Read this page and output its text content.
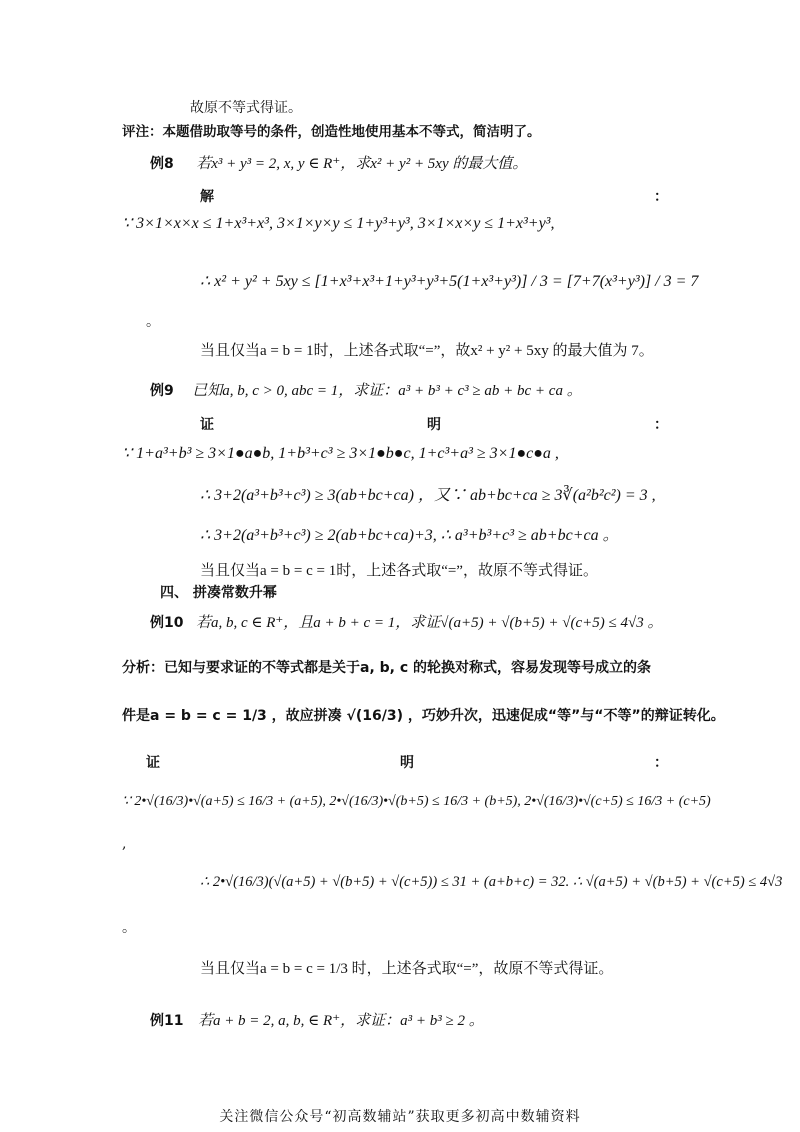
故原不等式得证。
评注：本题借助取等号的条件，创造性地使用基本不等式，简洁明了。
例8 若x³ + y³ = 2, x, y ∈ R⁺，求x² + y² + 5xy 的最大值。
解	：
∵ 3×1×x×x ≤ 1+x³+x³, 3×1×y×y ≤ 1+y³+y³, 3×1×x×y ≤ 1+x³+y³,
∴ x² + y² + 5xy ≤ [1+x³+x³+1+y³+y³+5(1+x³+y³)] / 3 = [7+7(x³+y³)] / 3 = 7
。
当且仅当a = b = 1时，上述各式取“=”，故x² + y² + 5xy 的最大值为 7。
例9 已知a, b, c > 0, abc = 1，求证：a³ + b³ + c³ ≥ ab + bc + ca 。
证	明	：
∵ 1+a³+b³ ≥ 3×1●a●b, 1+b³+c³ ≥ 3×1●b●c, 1+c³+a³ ≥ 3×1●c●a ,
∴ 3+2(a³+b³+c³) ≥ 3(ab+bc+ca) ，又∵ ab+bc+ca ≥ 3∛(a²b²c²) = 3 ,
∴ 3+2(a³+b³+c³) ≥ 2(ab+bc+ca)+3, ∴ a³+b³+c³ ≥ ab+bc+ca 。
当且仅当a = b = c = 1时，上述各式取“=”，故原不等式得证。
四、 拼凑常数升幂
例10 若a, b, c ∈ R⁺，且a + b + c = 1，求证√(a+5) + √(b+5) + √(c+5) ≤ 4√3 。
分析：已知与要求证的不等式都是关于a, b, c 的轮换对称式，容易发现等号成立的条
件是a = b = c = 1/3 ，故应拼凑 √(16/3) ，巧妙升次，迅速促成“等”与“不等”的辩证转化。
证	明	：
∵ 2•√(16/3)•√(a+5) ≤ 16/3 + (a+5), 2•√(16/3)•√(b+5) ≤ 16/3 + (b+5), 2•√(16/3)•√(c+5) ≤ 16/3 + (c+5)
,
∴ 2•√(16/3)(√(a+5) + √(b+5) + √(c+5)) ≤ 31 + (a+b+c) = 32. ∴ √(a+5) + √(b+5) + √(c+5) ≤ 4√3
。
当且仅当a = b = c = 1/3 时，上述各式取“=”，故原不等式得证。
例11 若a + b = 2, a, b, ∈ R⁺，求证：a³ + b³ ≥ 2 。
关注微信公众号“初高数辅站”获取更多初高中数辅资料
